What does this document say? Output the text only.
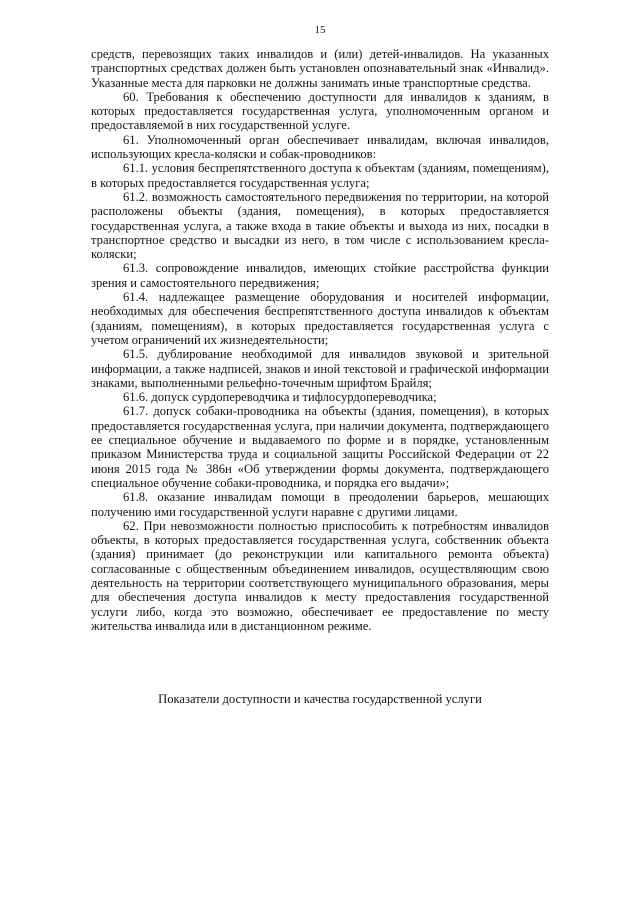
15

средств, перевозящих таких инвалидов и (или) детей-инвалидов. На указанных транспортных средствах должен быть установлен опознавательный знак «Инвалид». Указанные места для парковки не должны занимать иные транспортные средства.

60. Требования к обеспечению доступности для инвалидов к зданиям, в которых предоставляется государственная услуга, уполномоченным органом и предоставляемой в них государственной услуге.

61. Уполномоченный орган обеспечивает инвалидам, включая инвалидов, использующих кресла-коляски и собак-проводников:

61.1. условия беспрепятственного доступа к объектам (зданиям, помещениям), в которых предоставляется государственная услуга;

61.2. возможность самостоятельного передвижения по территории, на которой расположены объекты (здания, помещения), в которых предоставляется государственная услуга, а также входа в такие объекты и выхода из них, посадки в транспортное средство и высадки из него, в том числе с использованием кресла-коляски;

61.3. сопровождение инвалидов, имеющих стойкие расстройства функции зрения и самостоятельного передвижения;

61.4. надлежащее размещение оборудования и носителей информации, необходимых для обеспечения беспрепятственного доступа инвалидов к объектам (зданиям, помещениям), в которых предоставляется государственная услуга с учетом ограничений их жизнедеятельности;

61.5. дублирование необходимой для инвалидов звуковой и зрительной информации, а также надписей, знаков и иной текстовой и графической информации знаками, выполненными рельефно-точечным шрифтом Брайля;

61.6. допуск сурдопереводчика и тифлосурдопереводчика;

61.7. допуск собаки-проводника на объекты (здания, помещения), в которых предоставляется государственная услуга, при наличии документа, подтверждающего ее специальное обучение и выдаваемого по форме и в порядке, установленным приказом Министерства труда и социальной защиты Российской Федерации от 22 июня 2015 года № 386н «Об утверждении формы документа, подтверждающего специальное обучение собаки-проводника, и порядка его выдачи»;

61.8. оказание инвалидам помощи в преодолении барьеров, мешающих получению ими государственной услуги наравне с другими лицами.

62. При невозможности полностью приспособить к потребностям инвалидов объекты, в которых предоставляется государственная услуга, собственник объекта (здания) принимает (до реконструкции или капитального ремонта объекта) согласованные с общественным объединением инвалидов, осуществляющим свою деятельность на территории соответствующего муниципального образования, меры для обеспечения доступа инвалидов к месту предоставления государственной услуги либо, когда это возможно, обеспечивает ее предоставление по месту жительства инвалида или в дистанционном режиме.

Показатели доступности и качества государственной услуги
